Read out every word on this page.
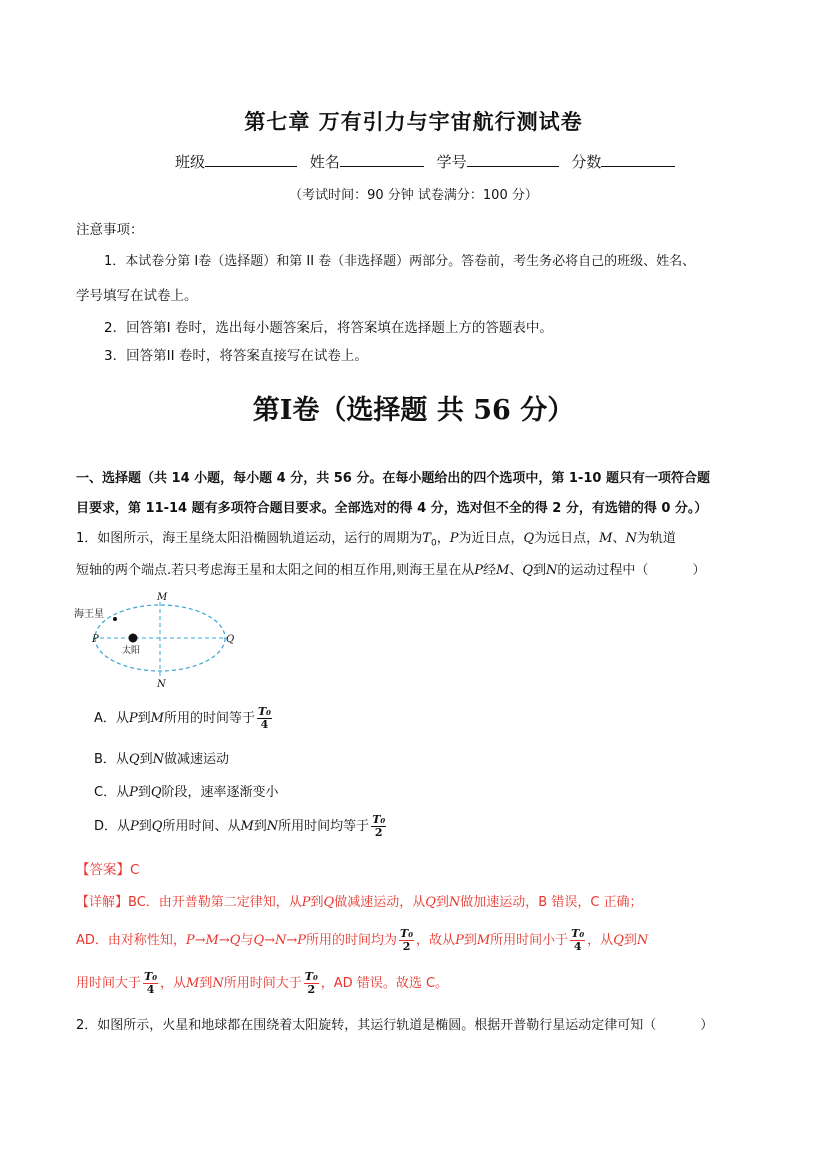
第七章 万有引力与宇宙航行测试卷
班级	姓名	学号	分数
（考试时间：90 分钟 试卷满分：100 分）
注意事项：
1．本试卷分第 I卷（选择题）和第 II 卷（非选择题）两部分。答卷前，考生务必将自己的班级、姓名、
学号填写在试卷上。
2．回答第I 卷时，选出每小题答案后，将答案填在选择题上方的答题表中。
3．回答第II 卷时，将答案直接写在试卷上。
第I卷（选择题 共 56 分）
一、选择题（共 14 小题，每小题 4 分，共 56 分。在每小题给出的四个选项中，第 1-10 题只有一项符合题
目要求，第 11-14 题有多项符合题目要求。全部选对的得 4 分，选对但不全的得 2 分，有选错的得 0 分。）
1．如图所示，海王星绕太阳沿椭圆轨道运动，运行的周期为$T_0$，P为近日点，Q为远日点，M、N为轨道
短轴的两个端点.若只考虑海王星和太阳之间的相互作用,则海王星在从P经M、Q到N的运动过程中（	）
海王星
太阳
M
N
P	Q
A．从P到M所用的时间等于 $\frac{\text{T₀}}{4}$
B．从Q到N做减速运动
C．从P到Q阶段，速率逐渐变小
D．从P到Q所用时间、从M到N所用时间均等于 $\frac{\text{T₀}}{2}$
【答案】C
【详解】BC．由开普勒第二定律知，从P到Q做减速运动，从Q到N做加速运动，B 错误，C 正确；
AD．由对称性知，P→M→Q与Q→N→P所用的时间均为 $\frac{\text{T₀}}{2}$ ，故从P到M所用时间小于 $\frac{\text{T₀}}{4}$ ，从Q到N
用时间大于 $\frac{\text{T₀}}{4}$ ，从M到N所用时间大于 $\frac{\text{T₀}}{2}$ ，AD 错误。故选 C。
2．如图所示，火星和地球都在围绕着太阳旋转，其运行轨道是椭圆。根据开普勒行星运动定律可知（	）
